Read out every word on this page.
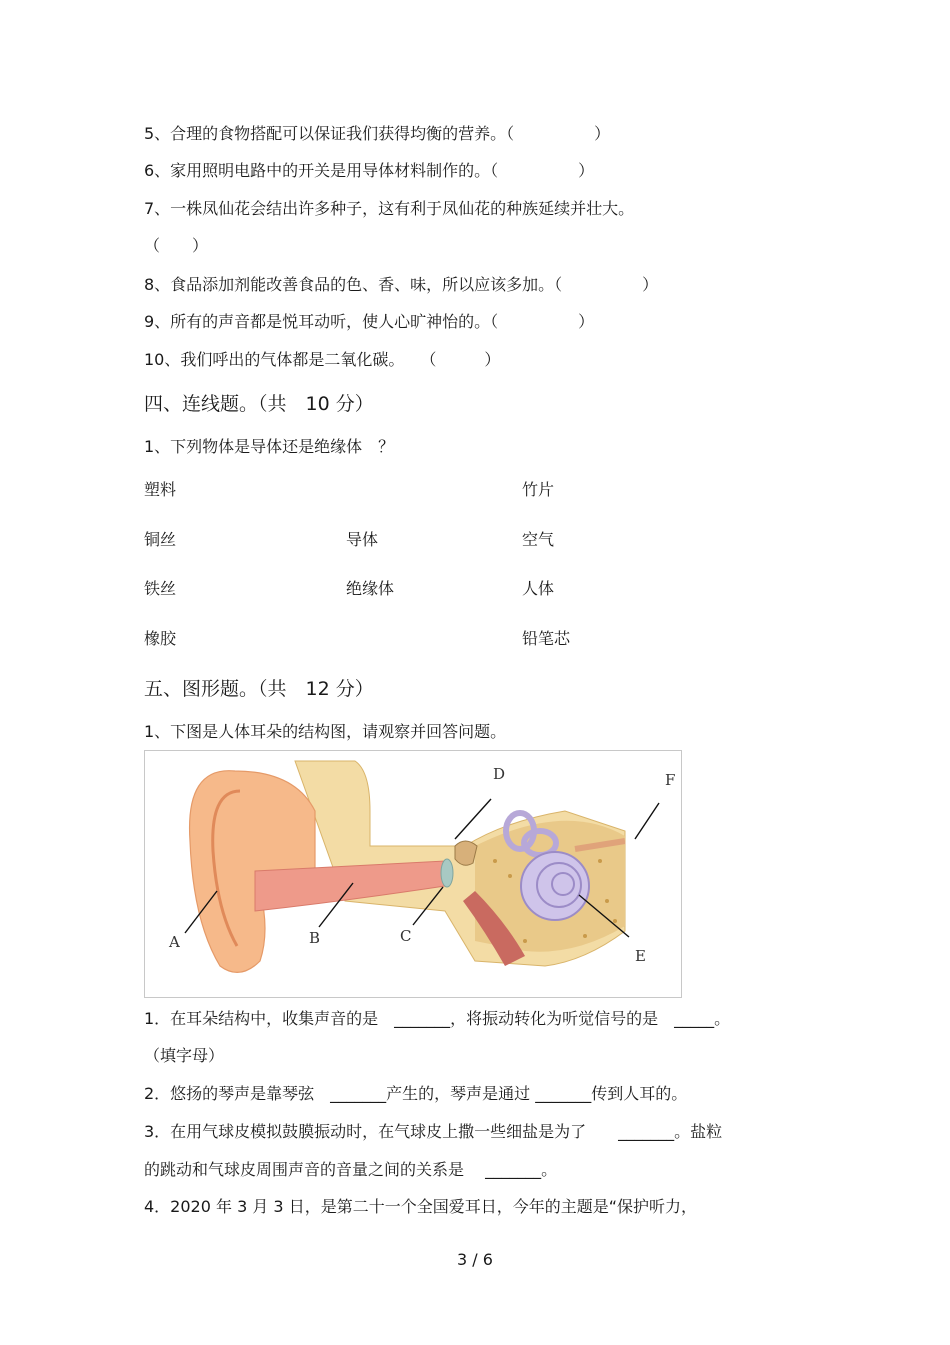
5、合理的食物搭配可以保证我们获得均衡的营养。（　　　　　）
6、家用照明电路中的开关是用导体材料制作的。（　　　　　）
7、一株凤仙花会结出许多种子，这有利于凤仙花的种族延续并壮大。
（　　）
8、食品添加剂能改善食品的色、香、味，所以应该多加。（　　　　　）
9、所有的声音都是悦耳动听，使人心旷神怡的。（　　　　　）
10、我们呼出的气体都是二氧化碳。　　（　　　）
四、连线题。（共　10 分）
1、下列物体是导体还是绝缘体　？
塑料
铜丝
铁丝
橡胶
导体
绝缘体
竹片
空气
人体
铅笔芯
五、图形题。（共　12 分）
1、下图是人体耳朵的结构图，请观察并回答问题。
A	B	C
D
E
F
1．在耳朵结构中，收集声音的是　_______，将振动转化为听觉信号的是　_____。
（填字母）
2．悠扬的琴声是靠琴弦　_______产生的，琴声是通过 _______传到人耳的。
3．在用气球皮模拟鼓膜振动时，在气球皮上撒一些细盐是为了　　_______。盐粒
的跳动和气球皮周围声音的音量之间的关系是　 _______。
4．2020 年 3 月 3 日，是第二十一个全国爱耳日，今年的主题是“保护听力，
3 / 6
